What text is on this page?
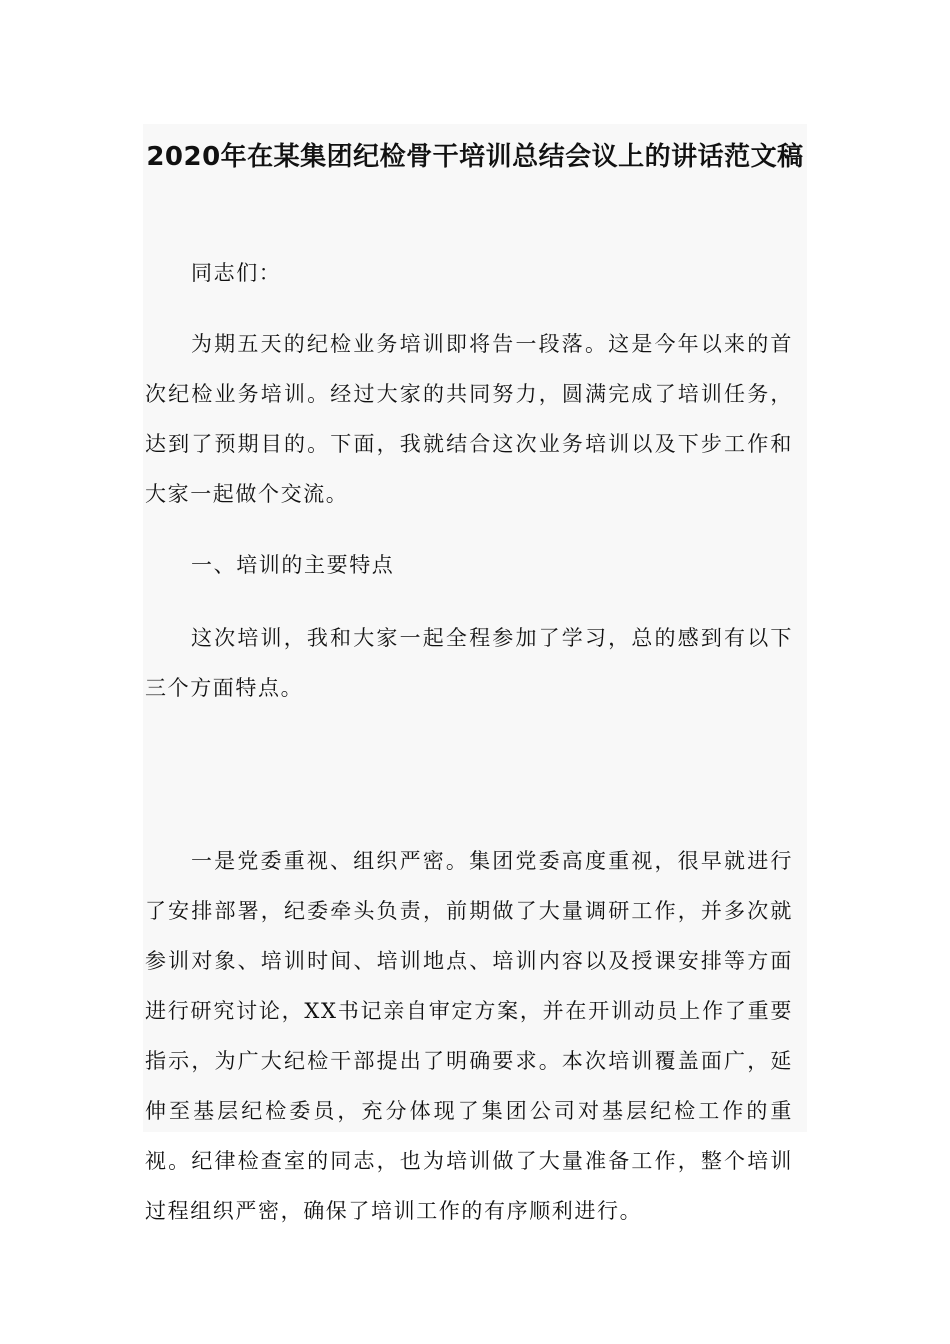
2020年在某集团纪检骨干培训总结会议上的讲话范文稿

同志们：

为期五天的纪检业务培训即将告一段落。这是今年以来的首次纪检业务培训。经过大家的共同努力，圆满完成了培训任务，达到了预期目的。下面，我就结合这次业务培训以及下步工作和大家一起做个交流。

一、培训的主要特点

这次培训，我和大家一起全程参加了学习，总的感到有以下三个方面特点。

一是党委重视、组织严密。集团党委高度重视，很早就进行了安排部署，纪委牵头负责，前期做了大量调研工作，并多次就参训对象、培训时间、培训地点、培训内容以及授课安排等方面进行研究讨论，XX书记亲自审定方案，并在开训动员上作了重要指示，为广大纪检干部提出了明确要求。本次培训覆盖面广，延伸至基层纪检委员，充分体现了集团公司对基层纪检工作的重视。纪律检查室的同志，也为培训做了大量准备工作，整个培训过程组织严密，确保了培训工作的有序顺利进行。
